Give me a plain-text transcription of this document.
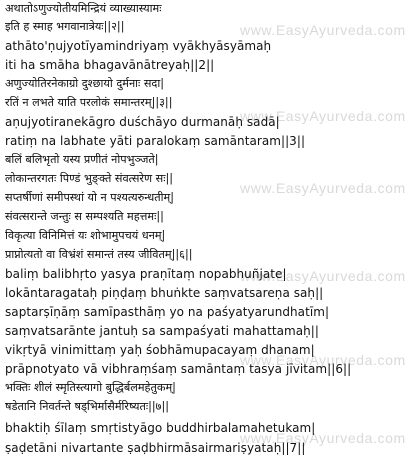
www.EasyAyurveda.com
www.EasyAyurveda.com
www.EasyAyurveda.com
www.EasyAyurveda.com
www.EasyAyurveda.com
www.EasyAyurveda.com
अथातोऽणुज्योतीयमिन्द्रियं व्याख्यास्यामः
इति ह स्माह भगवानात्रेयः||२||
athāto'ṇujyotīyamindriyaṃ vyākhyāsyāmaḥ
iti ha smāha bhagavānātreyaḥ||2||
अणुज्योतिरनेकाग्रो दुश्छायो दुर्मनाः सदा|
रतिं न लभते याति परलोकं समान्तरम्||३||
aṇujyotiranekāgro duśchāyo durmanāḥ sadā|
ratiṃ na labhate yāti paralokaṃ samāntaram||3||
बलिं बलिभृतो यस्य प्रणीतं नोपभुञ्जते|
लोकान्तरगतः पिण्डं भुङ्क्ते संवत्सरेण सः||
सप्तर्षीणां समीपस्थां यो न पश्यत्यरुन्धतीम्|
संवत्सरान्ते जन्तुः स सम्पश्यति महत्तमः||
विकृत्या विनिमित्तं यः शोभामुपचयं धनम्|
प्राप्नोत्यतो वा विभ्रंशं समान्तं तस्य जीवितम्||६||
baliṃ balibhṛto yasya praṇītaṃ nopabhuñjate|
lokāntaragataḥ piṇḍaṃ bhuṅkte saṃvatsareṇa saḥ||
saptarṣīṇāṃ samīpasthāṃ yo na paśyatyarundhatīm|
saṃvatsarānte jantuḥ sa sampaśyati mahattamaḥ||
vikṛtyā vinimittaṃ yaḥ śobhāmupacayaṃ dhanam|
prāpnotyato vā vibhraṃśaṃ samāntaṃ tasya jīvitam||6||
भक्तिः शीलं स्मृतिस्त्यागो बुद्धिर्बलमहेतुकम्|
षडेतानि निवर्तन्ते षड्भिर्मासैर्मरिष्यतः||७||
bhaktiḥ śīlaṃ smṛtistyāgo buddhirbalamahetukam|
ṣaḍetāni nivartante ṣaḍbhirmāsairmariṣyataḥ||7||
